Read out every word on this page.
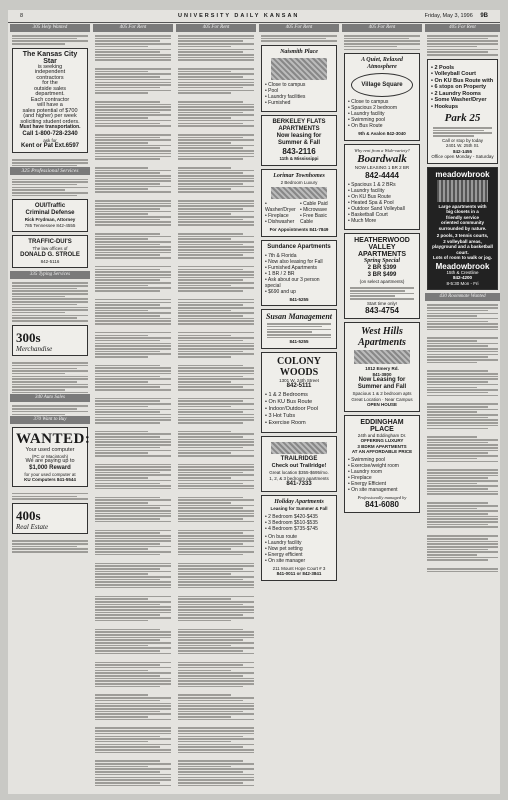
8	UNIVERSITY DAILY KANSAN	Friday, May 3, 1996 9B
305 Help Wanted
The Kansas City Star
is seeking
independent
contractors
for the
outside sales
department.
Each contractor
will have a
sales potential of $700
(and higher) per week
soliciting student orders.
Must have transportation.
Call 1-800-728-2340
ask for
Kent or Pat Ext.6597
325 Professional Services
OUI/Traffic
Criminal Defense
Rick Frydman, Attorney
785 Tennessee 842-4555
TRAFFIC-DUI'S
The law offices of
DONALD G. STROLE
842-5116
335 Typing Services
300s
Merchandise
340 Auto Sales
370 Want to Buy
WANTED:
Your used computer
(PC or Macintosh)
We are paying up to
$1,000 Reward
for your used computer at
KU Computers 841-5544
400s
Real Estate
405 For Rent	405 For Rent	405 For Rent
Naismith Place
• Close to campus
• Pool
• Laundry facilities
• Furnished
BERKELEY FLATS APARTMENTS
Now leasing for
Summer & Fall
843-2116
11th & Mississippi
Lorimar Townhomes
2 Bedroom Luxury
• Washer/Dryer
• Fireplace
• Dishwasher
• Cable Paid
• Microwave
• Free Basic Cable
For Appointments 841-7849
Sundance Apartments
• 7th & Florida
• Now also leasing for Fall
• Furnished Apartments
• 1 BR / 2 BR
• Ask about our 3 person special
• $690 and up
841-5255
Susan Management
841-5255
COLONY WOODS
1301 W. 24th Street
842-5111
• 1 & 2 Bedrooms
• On KU Bus Route
• Indoor/Outdoor Pool
• 3 Hot Tubs
• Exercise Room
TRAILRIDGE
Check out Trailridge!
Great location $355-$695/mo.
1, 2, & 3 bedroom apartments
841-7333
Holiday Apartments
Leasing for Summer & Fall
• 2 Bedroom $420-$435
• 3 Bedroom $510-$535
• 4 Bedroom $735-$745
• On bus route
• Laundry facility
• Now pet setting
• Energy efficient
• On site manager
211 Mount Hope Court # 3
841-0011 or 842-3841
405 For Rent
A Quiet, Relaxed
Atmosphere
Village Square
• Close to campus
• Spacious 2 bedroom
• Laundry facility
• Swimming pool
• On Bus Route
9th & Avalon 842-3040
Why rent from a Wide-variety?
Boardwalk
NOW LEASING 1 BR 2 BR
842-4444
• Spacious 1 & 2 BRs
• Laundry facility
• On KU Bus Route
• Heated Spa & Pool
• Outdoor Sand Volleyball
• Basketball Court
• Much More
HEATHERWOOD VALLEY APARTMENTS
Spring Special
2 BR $399
3 BR $499
(on select apartments)
Start time only!
843-4754
West Hills Apartments
1012 Emery Rd.
841-3800
Now Leasing for
Summer and Fall
Spacious 1 & 2 bedroom apts
Great Location · Near Campus
OPEN HOUSE
EDDINGHAM PLACE
24th and Eddingham Dr.
OFFERING LUXURY
3 BDRM APARTMENTS
AT AN AFFORDABLE PRICE
• Swimming pool
• Exercise/weight room
• Laundry room
• Fireplace
• Energy Efficient
• On site management
Professionally managed by
841-6080
405 For Rent
• 2 Pools
• Volleyball Court
• On KU Bus Route with
• 6 stops on Property
• 2 Laundry Rooms
• Some Washer/Dryer
• Hookups
Park 25
Call or stop by today
2401 W. 25th St.
842-1455
Office open Monday - Saturday
meadowbrook
Large apartments with
big closets in a
friendly service
oriented community
surrounded by nature.
2 pools, 3 tennis courts,
2 volleyball areas,
playground and a basketball court.
Lots of room to walk or jog.
Meadowbrook
15th & Crestline
842-4200
8-5:30 Mon - Fri
430 Roommate Wanted
